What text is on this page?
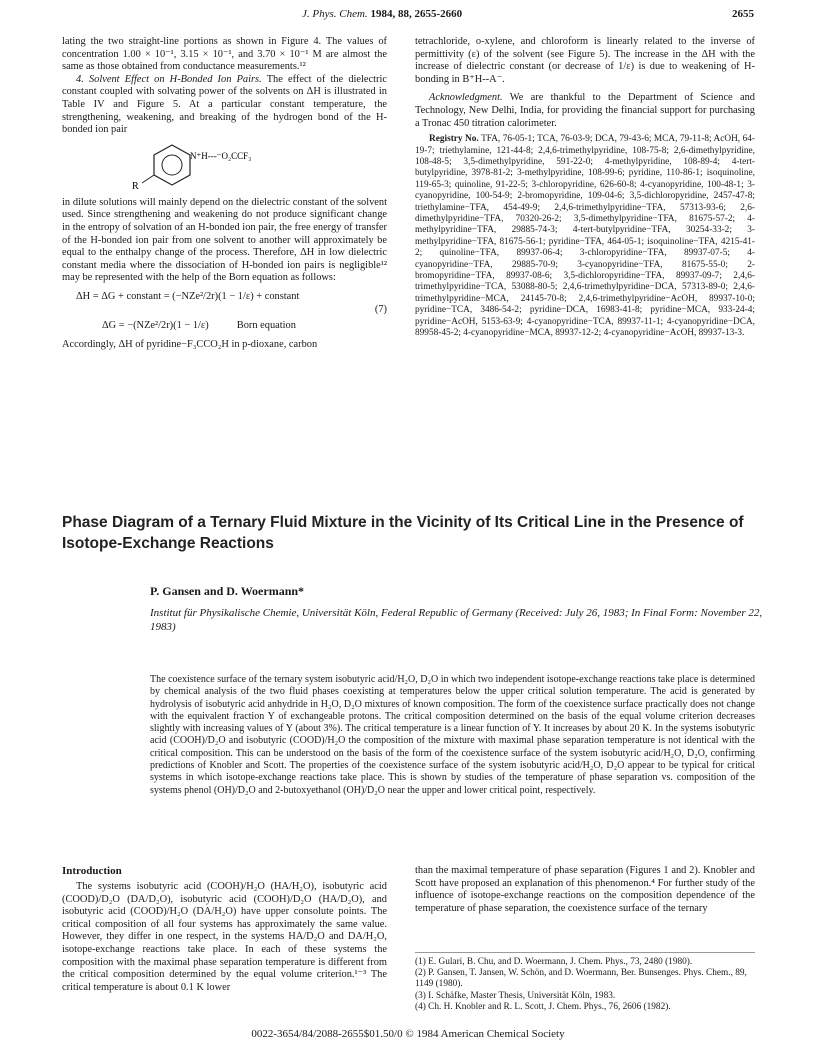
J. Phys. Chem. 1984, 88, 2655-2660	2655

lating the two straight-line portions as shown in Figure 4. The values of concentration 1.00 × 10⁻¹, 3.15 × 10⁻¹, and 3.70 × 10⁻¹ M are almost the same as those obtained from conductance measurements.¹²

4. Solvent Effect on H-Bonded Ion Pairs. The effect of the dielectric constant coupled with solvating power of the solvents on ΔH is illustrated in Table IV and Figure 5. At a particular constant temperature, the strengthening, weakening, and breaking of the hydrogen bond of the H-bonded ion pair

R
N⁺H---⁻O₂CCF₃

in dilute solutions will mainly depend on the dielectric constant of the solvent used. Since strengthening and weakening do not produce significant change in the entropy of solvation of an H-bonded ion pair, the free energy of transfer of the H-bonded ion pair from one solvent to another will approximately be equal to the enthalpy change of the process. Therefore, ΔH in low dielectric constant media where the dissociation of H-bonded ion pairs is negligible¹² may be represented with the help of the Born equation as follows:

ΔH = ΔG + constant = (−NZe²/2r)(1 − 1/ε) + constant
(7)
ΔG = −(NZe²/2r)(1 − 1/ε)	Born equation

Accordingly, ΔH of pyridine−F₃CCO₂H in p-dioxane, carbon

tetrachloride, o-xylene, and chloroform is linearly related to the inverse of permittivity (ε) of the solvent (see Figure 5). The increase in the ΔH with the increase of dielectric constant (or decrease of 1/ε) is due to weakening of H-bonding in B⁺H--A⁻.

Acknowledgment. We are thankful to the Department of Science and Technology, New Delhi, India, for providing the financial support for purchasing a Tronac 450 titration calorimeter.

Registry No. TFA, 76-05-1; TCA, 76-03-9; DCA, 79-43-6; MCA, 79-11-8; AcOH, 64-19-7; triethylamine, 121-44-8; 2,4,6-trimethylpyridine, 108-75-8; 2,6-dimethylpyridine, 108-48-5; 3,5-dimethylpyridine, 591-22-0; 4-methylpyridine, 108-89-4; 4-tert-butylpyridine, 3978-81-2; 3-methylpyridine, 108-99-6; pyridine, 110-86-1; isoquinoline, 119-65-3; quinoline, 91-22-5; 3-chloropyridine, 626-60-8; 4-cyanopyridine, 100-48-1; 3-cyanopyridine, 100-54-9; 2-bromopyridine, 109-04-6; 3,5-dichloropyridine, 2457-47-8; triethylamine−TFA, 454-49-9; 2,4,6-trimethylpyridine−TFA, 57313-93-6; 2,6-dimethylpyridine−TFA, 70320-26-2; 3,5-dimethylpyridine−TFA, 81675-57-2; 4-methylpyridine−TFA, 29885-74-3; 4-tert-butylpyridine−TFA, 30254-33-2; 3-methylpyridine−TFA, 81675-56-1; pyridine−TFA, 464-05-1; isoquinoline−TFA, 4215-41-2; quinoline−TFA, 89937-06-4; 3-chloropyridine−TFA, 89937-07-5; 4-cyanopyridine−TFA, 29885-70-9; 3-cyanopyridine−TFA, 81675-55-0; 2-bromopyridine−TFA, 89937-08-6; 3,5-dichloropyridine−TFA, 89937-09-7; 2,4,6-trimethylpyridine−TCA, 53088-80-5; 2,4,6-trimethylpyridine−DCA, 57313-89-0; 2,4,6-trimethylpyridine−MCA, 24145-70-8; 2,4,6-trimethylpyridine−AcOH, 89937-10-0; pyridine−TCA, 3486-54-2; pyridine−DCA, 16983-41-8; pyridine−MCA, 933-24-4; pyridine−AcOH, 5153-63-9; 4-cyanopyridine−TCA, 89937-11-1; 4-cyanopyridine−DCA, 89958-45-2; 4-cyanopyridine−MCA, 89937-12-2; 4-cyanopyridine−AcOH, 89937-13-3.

Phase Diagram of a Ternary Fluid Mixture in the Vicinity of Its Critical Line in the Presence of Isotope-Exchange Reactions
P. Gansen and D. Woermann*
Institut für Physikalische Chemie, Universität Köln, Federal Republic of Germany (Received: July 26, 1983; In Final Form: November 22, 1983)
The coexistence surface of the ternary system isobutyric acid/H₂O, D₂O in which two independent isotope-exchange reactions take place is determined by chemical analysis of the two fluid phases coexisting at temperatures below the upper critical solution temperature. The acid is generated by hydrolysis of isobutyric acid anhydride in H₂O, D₂O mixtures of known composition. The form of the coexistence surface practically does not change with the equivalent fraction Y of exchangeable protons. The critical composition determined on the basis of the equal volume criterion decreases slightly with increasing values of Y (about 3%). The critical temperature is a linear function of Y. It increases by about 20 K. In the systems isobutyric acid (COOH)/D₂O and isobutyric (COOD)/H₂O the composition of the mixture with maximal phase separation temperature is not identical with the critical composition. This can be understood on the basis of the form of the coexistence surface of the system isobutyric acid/H₂O, D₂O, confirming predictions of Knobler and Scott. The properties of the coexistence surface of the system isobutyric acid/H₂O, D₂O appear to be typical for critical systems in which isotope-exchange reactions take place. This is shown by studies of the temperature of phase separation vs. composition of the systems phenol (OH)/D₂O and 2-butoxyethanol (OH)/D₂O near the upper and lower critical point, respectively.
Introduction

The systems isobutyric acid (COOH)/H₂O (HA/H₂O), isobutyric acid (COOD)/D₂O (DA/D₂O), isobutyric acid (COOH)/D₂O (HA/D₂O), and isobutyric acid (COOD)/H₂O (DA/H₂O) have upper consolute points. The critical composition of all four systems has approximately the same value. However, they differ in one respect, in the systems HA/D₂O and DA/H₂O, isotope-exchange reactions take place. In each of these systems the composition with the maximal phase separation temperature is different from the critical composition determined by the equal volume criterion.¹⁻³ The critical temperature is about 0.1 K lower

than the maximal temperature of phase separation (Figures 1 and 2). Knobler and Scott have proposed an explanation of this phenomenon.⁴ For further study of the influence of isotope-exchange reactions on the composition dependence of the temperature of phase separation, the coexistence surface of the ternary

(1) E. Gulari, B. Chu, and D. Woermann, J. Chem. Phys., 73, 2480 (1980).
(2) P. Gansen, T. Jansen, W. Schön, and D. Woermann, Ber. Bunsenges. Phys. Chem., 89, 1149 (1980).
(3) I. Schäfke, Master Thesis, Universität Köln, 1983.
(4) Ch. H. Knobler and R. L. Scott, J. Chem. Phys., 76, 2606 (1982).
0022-3654/84/2088-2655$01.50/0 © 1984 American Chemical Society
